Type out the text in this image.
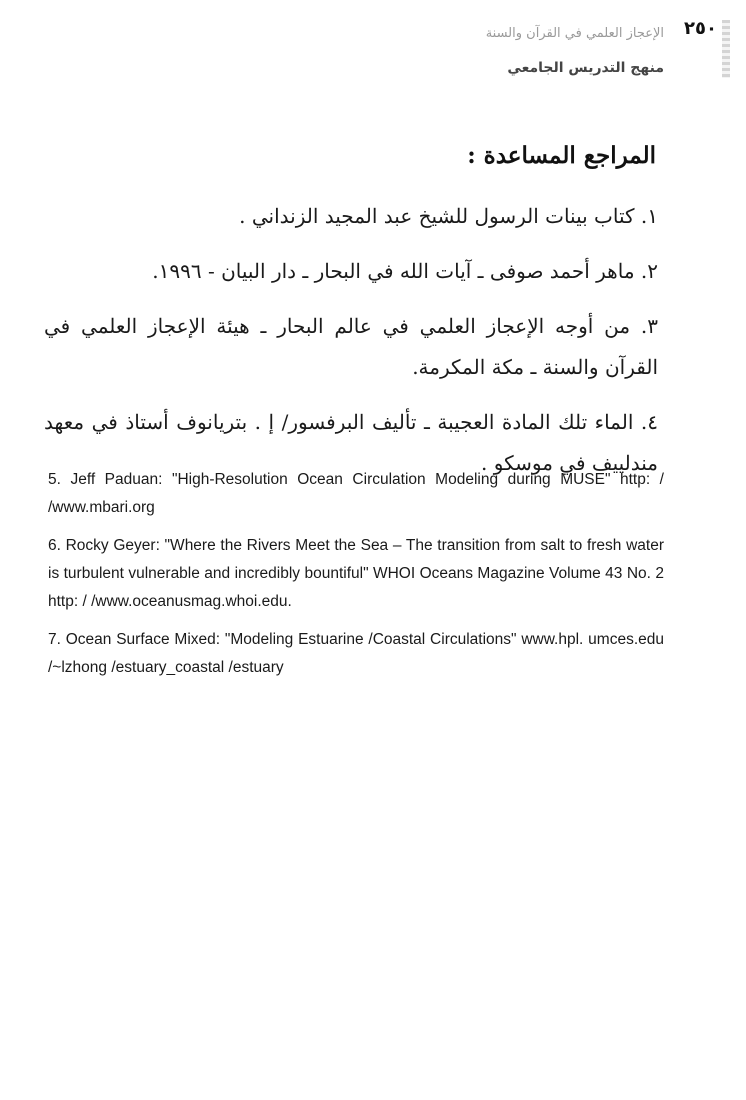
٢٥٠
الإعجاز العلمي في القرآن والسنة
منهج التدريس الجامعي
المراجع المساعدة :

١. كتاب بينات الرسول للشيخ عبد المجيد الزنداني .

٢. ماهر أحمد صوفى ـ آيات الله في البحار ـ دار البيان - ١٩٩٦.

٣. من أوجه الإعجاز العلمي في عالم البحار ـ هيئة الإعجاز العلمي في القرآن والسنة ـ مكة المكرمة.

٤. الماء تلك المادة العجيبة ـ تأليف البرفسور/ إ . بتريانوف أستاذ في معهد مندلييف في موسكو .

5. Jeff Paduan: "High-Resolution Ocean Circulation Modeling during MUSE" http: / /www.mbari.org

6. Rocky Geyer: "Where the Rivers Meet the Sea – The transition from salt to fresh water is turbulent vulnerable and incredibly bountiful" WHOI Oceans Magazine Volume 43 No. 2 http: / /www.oceanusmag.whoi.edu.

7. Ocean Surface Mixed: "Modeling Estuarine /Coastal Circulations" www.hpl. umces.edu /~lzhong /estuary_coastal /estuary
